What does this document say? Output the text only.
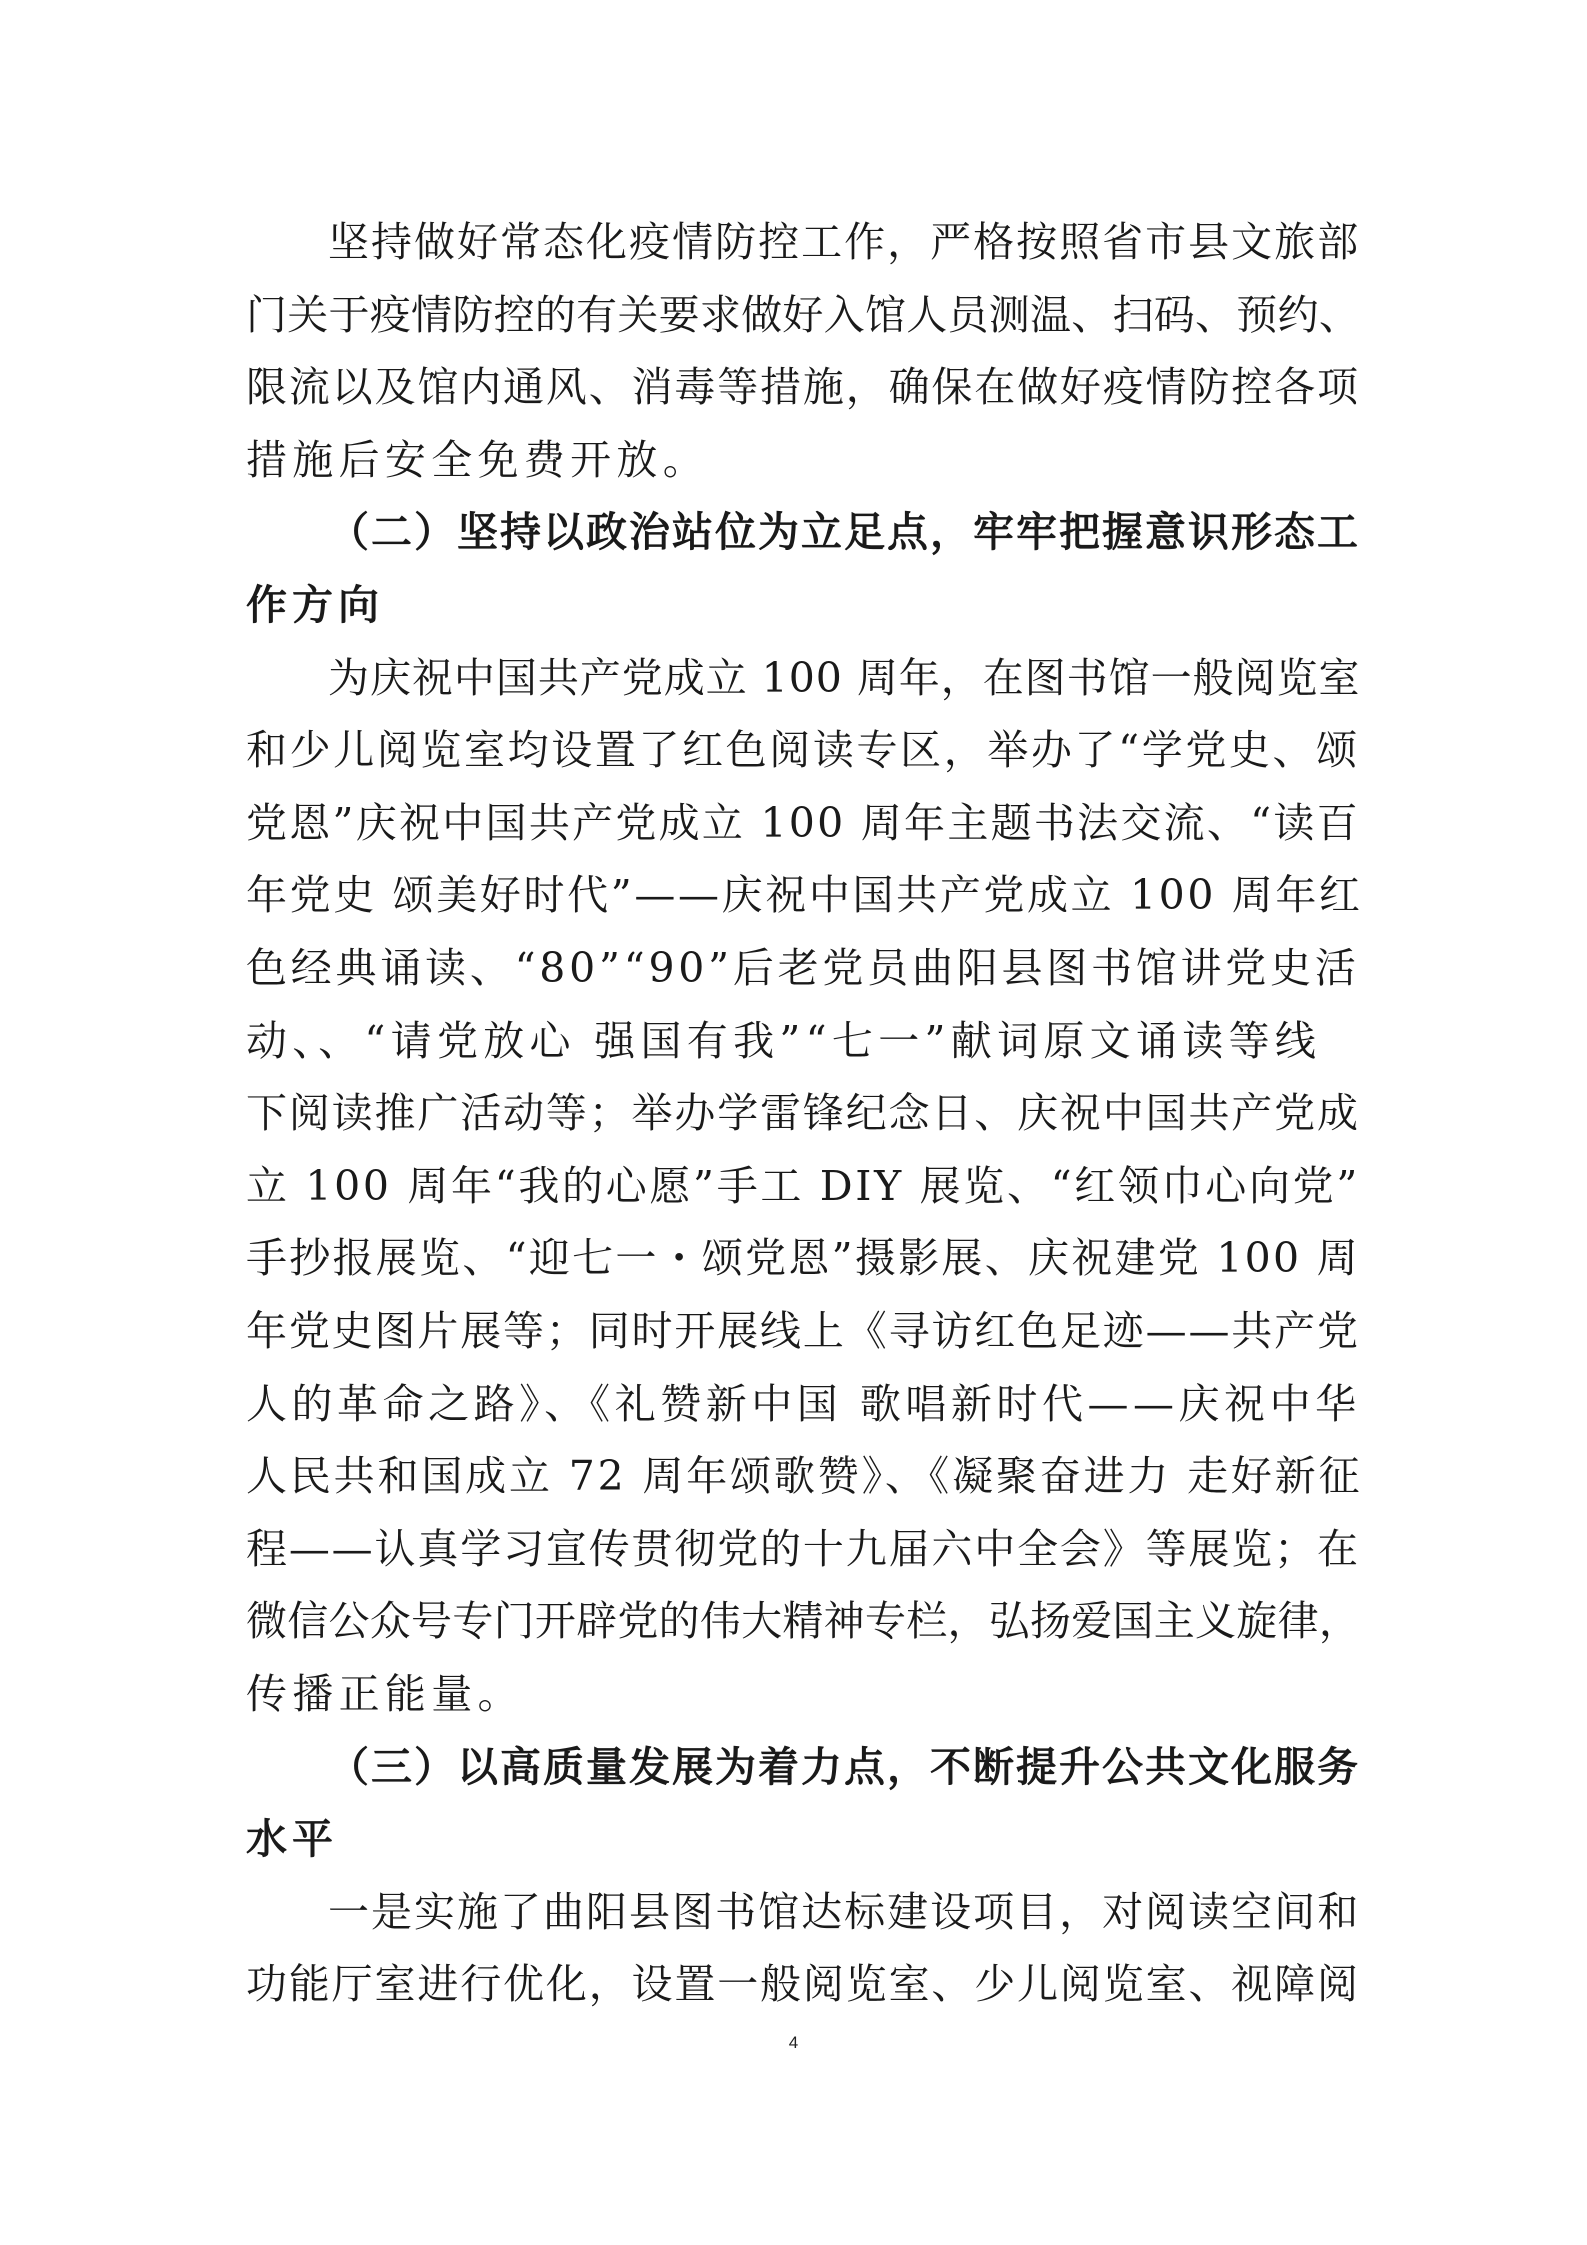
坚持做好常态化疫情防控工作，严格按照省市县文旅部
门关于疫情防控的有关要求做好入馆人员测温、扫码、预约、
限流以及馆内通风、消毒等措施，确保在做好疫情防控各项
措施后安全免费开放。
（二）坚持以政治站位为立足点，牢牢把握意识形态工
作方向
为庆祝中国共产党成立 100 周年，在图书馆一般阅览室
和少儿阅览室均设置了红色阅读专区，举办了“学党史、颂
党恩”庆祝中国共产党成立 100 周年主题书法交流、“读百
年党史 颂美好时代”——庆祝中国共产党成立 100 周年红
色经典诵读、“80”“90”后老党员曲阳县图书馆讲党史活
动、、“请党放心 强国有我”“七一”献词原文诵读等线
下阅读推广活动等；举办学雷锋纪念日、庆祝中国共产党成
立 100 周年“我的心愿”手工 DIY 展览、“红领巾心向党”
手抄报展览、“迎七一・颂党恩”摄影展、庆祝建党 100 周
年党史图片展等；同时开展线上《寻访红色足迹——共产党
人的革命之路》、《礼赞新中国 歌唱新时代——庆祝中华
人民共和国成立 72 周年颂歌赞》、《凝聚奋进力 走好新征
程——认真学习宣传贯彻党的十九届六中全会》等展览；在
微信公众号专门开辟党的伟大精神专栏，弘扬爱国主义旋律，
传播正能量。
（三）以高质量发展为着力点，不断提升公共文化服务
水平
一是实施了曲阳县图书馆达标建设项目，对阅读空间和
功能厅室进行优化，设置一般阅览室、少儿阅览室、视障阅
4
